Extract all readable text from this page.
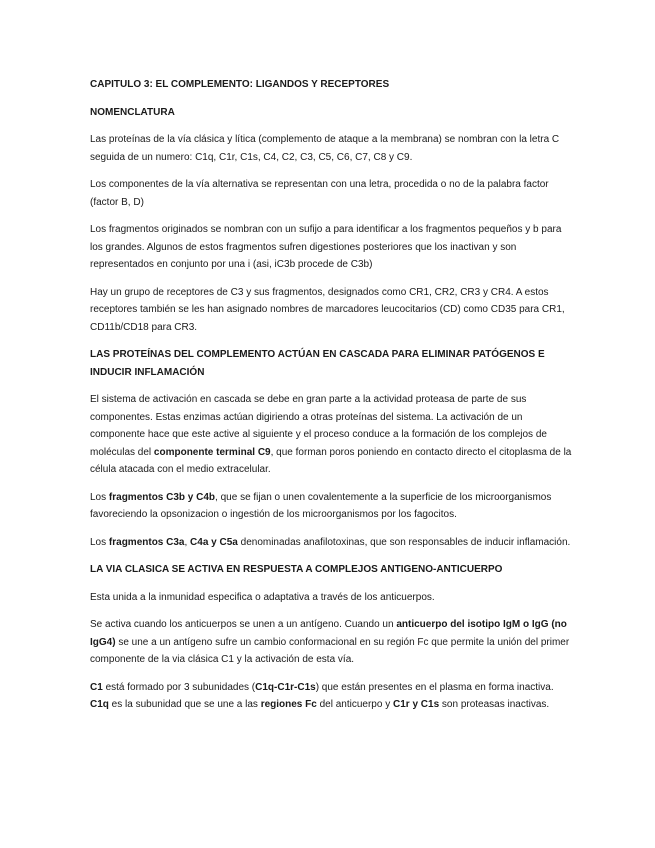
CAPITULO 3: EL COMPLEMENTO: LIGANDOS Y RECEPTORES

NOMENCLATURA

Las proteínas de la vía clásica y lítica (complemento de ataque a la membrana) se nombran con la letra C seguida de un numero: C1q, C1r, C1s, C4, C2, C3, C5, C6, C7, C8 y C9.

Los componentes de la vía alternativa se representan con una letra, procedida o no de la palabra factor (factor B, D)

Los fragmentos originados se nombran con un sufijo a para identificar a los fragmentos pequeños y b para los grandes. Algunos de estos fragmentos sufren digestiones posteriores que los inactivan y son representados en conjunto por una i (asi, iC3b procede de C3b)

Hay un grupo de receptores de C3 y sus fragmentos, designados como CR1, CR2, CR3 y CR4. A estos receptores también se les han asignado nombres de marcadores leucocitarios (CD) como CD35 para CR1, CD11b/CD18 para CR3.

LAS PROTEÍNAS DEL COMPLEMENTO ACTÚAN EN CASCADA PARA ELIMINAR PATÓGENOS E INDUCIR INFLAMACIÓN

El sistema de activación en cascada se debe en gran parte a la actividad proteasa de parte de sus componentes. Estas enzimas actúan digiriendo a otras proteínas del sistema. La activación de un componente hace que este active al siguiente y el proceso conduce a la formación de los complejos de moléculas del componente terminal C9, que forman poros poniendo en contacto directo el citoplasma de la célula atacada con el medio extracelular.

Los fragmentos C3b y C4b, que se fijan o unen covalentemente a la superficie de los microorganismos favoreciendo la opsonizacion o ingestión de los microorganismos por los fagocitos.

Los fragmentos C3a, C4a y C5a denominadas anafilotoxinas, que son responsables de inducir inflamación.

LA VIA CLASICA SE ACTIVA EN RESPUESTA A COMPLEJOS ANTIGENO-ANTICUERPO

Esta unida a la inmunidad especifica o adaptativa a través de los anticuerpos.

Se activa cuando los anticuerpos se unen a un antígeno. Cuando un anticuerpo del isotipo IgM o IgG (no IgG4) se une a un antígeno sufre un cambio conformacional en su región Fc que permite la unión del primer componente de la via clásica C1 y la activación de esta vía.

C1 está formado por 3 subunidades (C1q-C1r-C1s) que están presentes en el plasma en forma inactiva. C1q es la subunidad que se une a las regiones Fc del anticuerpo y C1r y C1s son proteasas inactivas.
